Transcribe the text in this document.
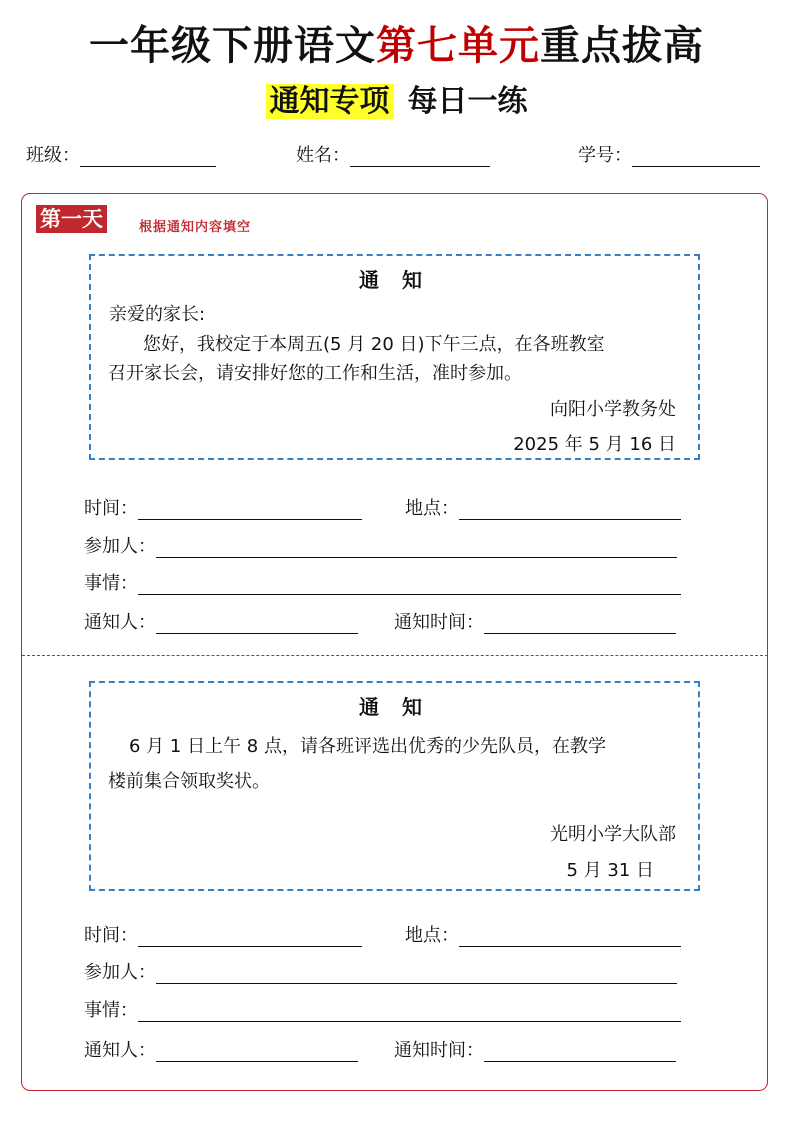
一年级下册语文第七单元重点拔高
通知专项 每日一练
班级：	姓名：	学号：
第一天	根据通知内容填空
通 知
亲爱的家长:
您好，我校定于本周五(5 月 20 日)下午三点，在各班教室
召开家长会，请安排好您的工作和生活，准时参加。
向阳小学教务处
2025 年 5 月 16 日
时间：	地点：
参加人：
事情：
通知人：	通知时间：
通 知
6 月 1 日上午 8 点，请各班评选出优秀的少先队员，在教学
楼前集合领取奖状。
光明小学大队部
5 月 31 日
时间：	地点：
参加人：
事情：
通知人：	通知时间：
